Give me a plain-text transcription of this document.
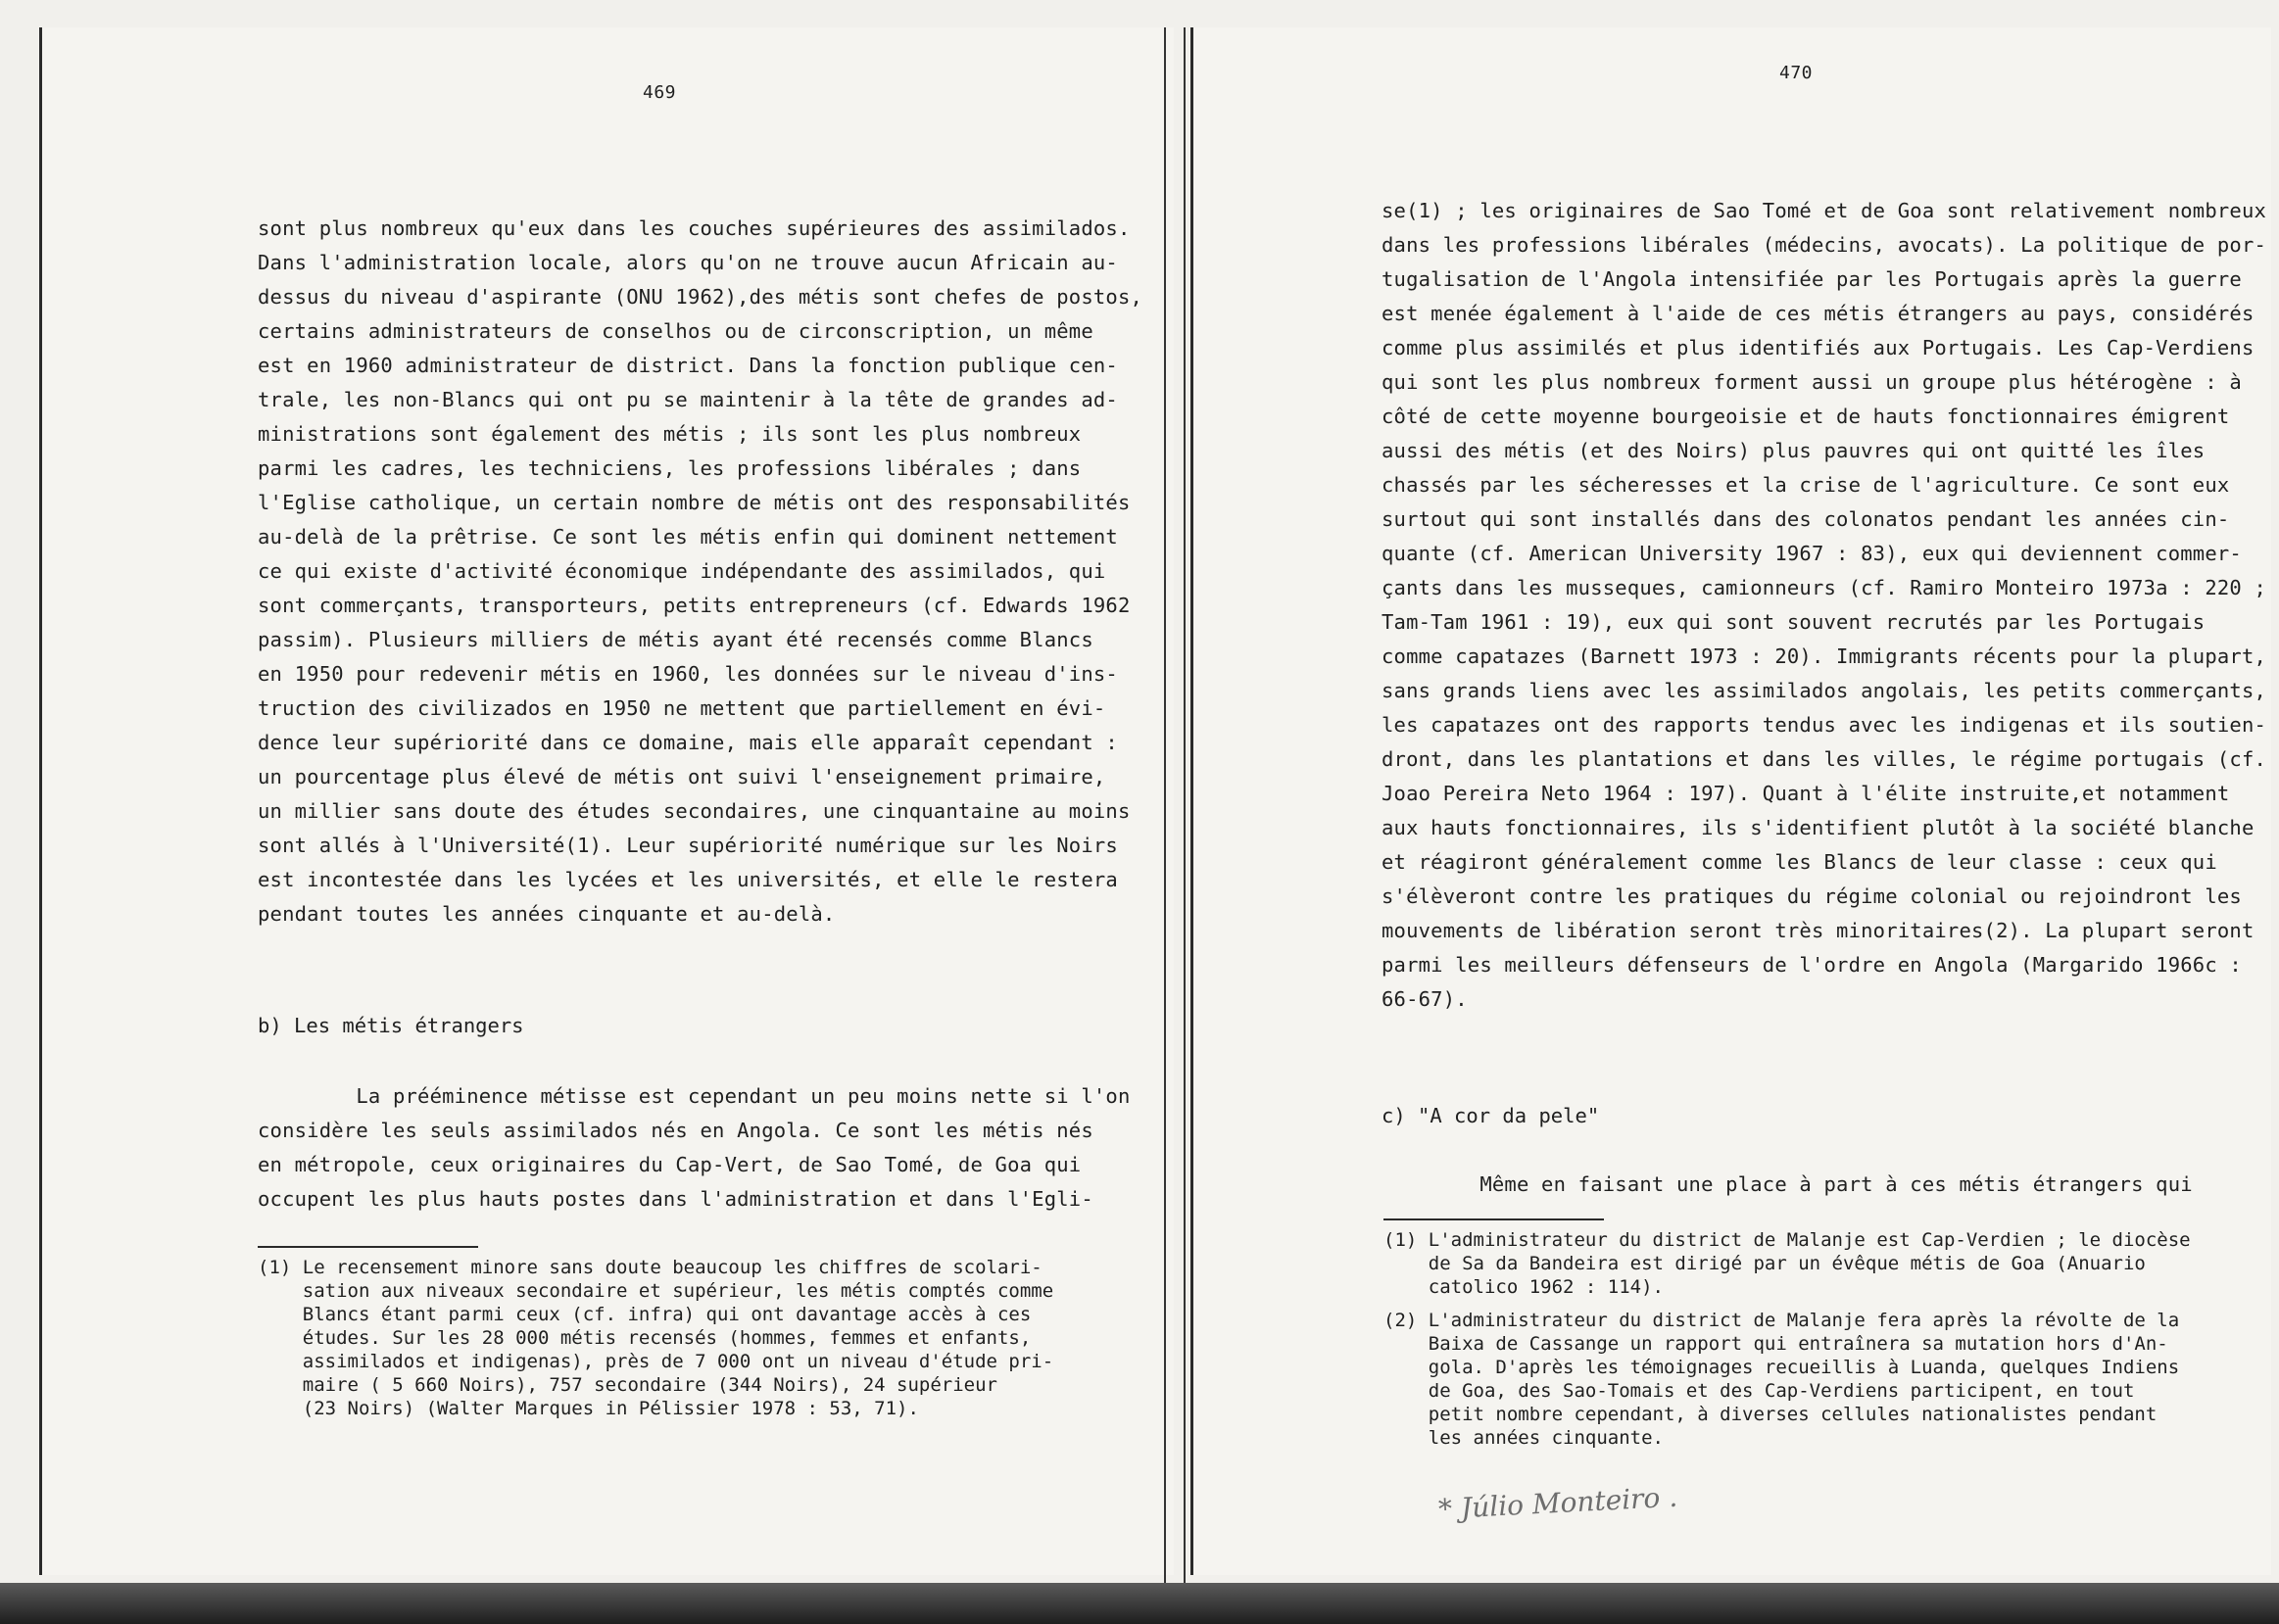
469
sont plus nombreux qu'eux dans les couches supérieures des assimilados.
Dans l'administration locale, alors qu'on ne trouve aucun Africain au-
dessus du niveau d'aspirante (ONU 1962),des métis sont chefes de postos,
certains administrateurs de conselhos ou de circonscription, un même
est en 1960 administrateur de district. Dans la fonction publique cen-
trale, les non-Blancs qui ont pu se maintenir à la tête de grandes ad-
ministrations sont également des métis ; ils sont les plus nombreux
parmi les cadres, les techniciens, les professions libérales ; dans
l'Eglise catholique, un certain nombre de métis ont des responsabilités
au-delà de la prêtrise. Ce sont les métis enfin qui dominent nettement
ce qui existe d'activité économique indépendante des assimilados, qui
sont commerçants, transporteurs, petits entrepreneurs (cf. Edwards 1962
passim). Plusieurs milliers de métis ayant été recensés comme Blancs
en 1950 pour redevenir métis en 1960, les données sur le niveau d'ins-
truction des civilizados en 1950 ne mettent que partiellement en évi-
dence leur supériorité dans ce domaine, mais elle apparaît cependant :
un pourcentage plus élevé de métis ont suivi l'enseignement primaire,
un millier sans doute des études secondaires, une cinquantaine au moins
sont allés à l'Université(1). Leur supériorité numérique sur les Noirs
est incontestée dans les lycées et les universités, et elle le restera
pendant toutes les années cinquante et au-delà.
b) Les métis étrangers
La prééminence métisse est cependant un peu moins nette si l'on
considère les seuls assimilados nés en Angola. Ce sont les métis nés
en métropole, ceux originaires du Cap-Vert, de Sao Tomé, de Goa qui
occupent les plus hauts postes dans l'administration et dans l'Egli-
(1) Le recensement minore sans doute beaucoup les chiffres de scolari-
sation aux niveaux secondaire et supérieur, les métis comptés comme
Blancs étant parmi ceux (cf. infra) qui ont davantage accès à ces
études. Sur les 28 000 métis recensés (hommes, femmes et enfants,
assimilados et indigenas), près de 7 000 ont un niveau d'étude pri-
maire ( 5 660 Noirs), 757 secondaire (344 Noirs), 24 supérieur
(23 Noirs) (Walter Marques in Pélissier 1978 : 53, 71).
470
se(1) ; les originaires de Sao Tomé et de Goa sont relativement nombreux
dans les professions libérales (médecins, avocats). La politique de por-
tugalisation de l'Angola intensifiée par les Portugais après la guerre
est menée également à l'aide de ces métis étrangers au pays, considérés
comme plus assimilés et plus identifiés aux Portugais. Les Cap-Verdiens
qui sont les plus nombreux forment aussi un groupe plus hétérogène : à
côté de cette moyenne bourgeoisie et de hauts fonctionnaires émigrent
aussi des métis (et des Noirs) plus pauvres qui ont quitté les îles
chassés par les sécheresses et la crise de l'agriculture. Ce sont eux
surtout qui sont installés dans des colonatos pendant les années cin-
quante (cf. American University 1967 : 83), eux qui deviennent commer-
çants dans les musseques, camionneurs (cf. Ramiro Monteiro 1973a : 220 ;
Tam-Tam 1961 : 19), eux qui sont souvent recrutés par les Portugais
comme capatazes (Barnett 1973 : 20). Immigrants récents pour la plupart,
sans grands liens avec les assimilados angolais, les petits commerçants,
les capatazes ont des rapports tendus avec les indigenas et ils soutien-
dront, dans les plantations et dans les villes, le régime portugais (cf.
Joao Pereira Neto 1964 : 197). Quant à l'élite instruite,et notamment
aux hauts fonctionnaires, ils s'identifient plutôt à la société blanche
et réagiront généralement comme les Blancs de leur classe : ceux qui
s'élèveront contre les pratiques du régime colonial ou rejoindront les
mouvements de libération seront très minoritaires(2). La plupart seront
parmi les meilleurs défenseurs de l'ordre en Angola (Margarido 1966c :
66-67).
c) "A cor da pele"
Même en faisant une place à part à ces métis étrangers qui
(1) L'administrateur du district de Malanje est Cap-Verdien ; le diocèse
de Sa da Bandeira est dirigé par un évêque métis de Goa (Anuario
catolico 1962 : 114).
(2) L'administrateur du district de Malanje fera après la révolte de la
Baixa de Cassange un rapport qui entraînera sa mutation hors d'An-
gola. D'après les témoignages recueillis à Luanda, quelques Indiens
de Goa, des Sao-Tomais et des Cap-Verdiens participent, en tout
petit nombre cependant, à diverses cellules nationalistes pendant
les années cinquante.
* Júlio Monteiro .
